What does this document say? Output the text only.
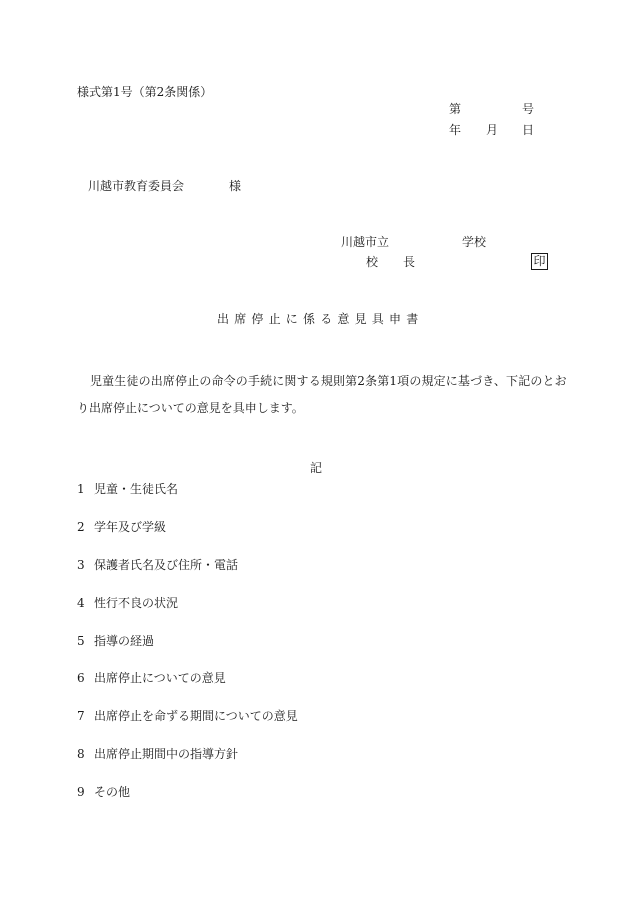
様式第1号（第2条関係）
第	号
年 月 日
川越市教育委員会	様
川越市立	学校
校 長	印
出席停止に係る意見具申書
児童生徒の出席停止の命令の手続に関する規則第2条第1項の規定に基づき、下記のとお
り出席停止についての意見を具申します。
記
1 児童・生徒氏名
2 学年及び学級
3 保護者氏名及び住所・電話
4 性行不良の状況
5 指導の経過
6 出席停止についての意見
7 出席停止を命ずる期間についての意見
8 出席停止期間中の指導方針
9 その他
